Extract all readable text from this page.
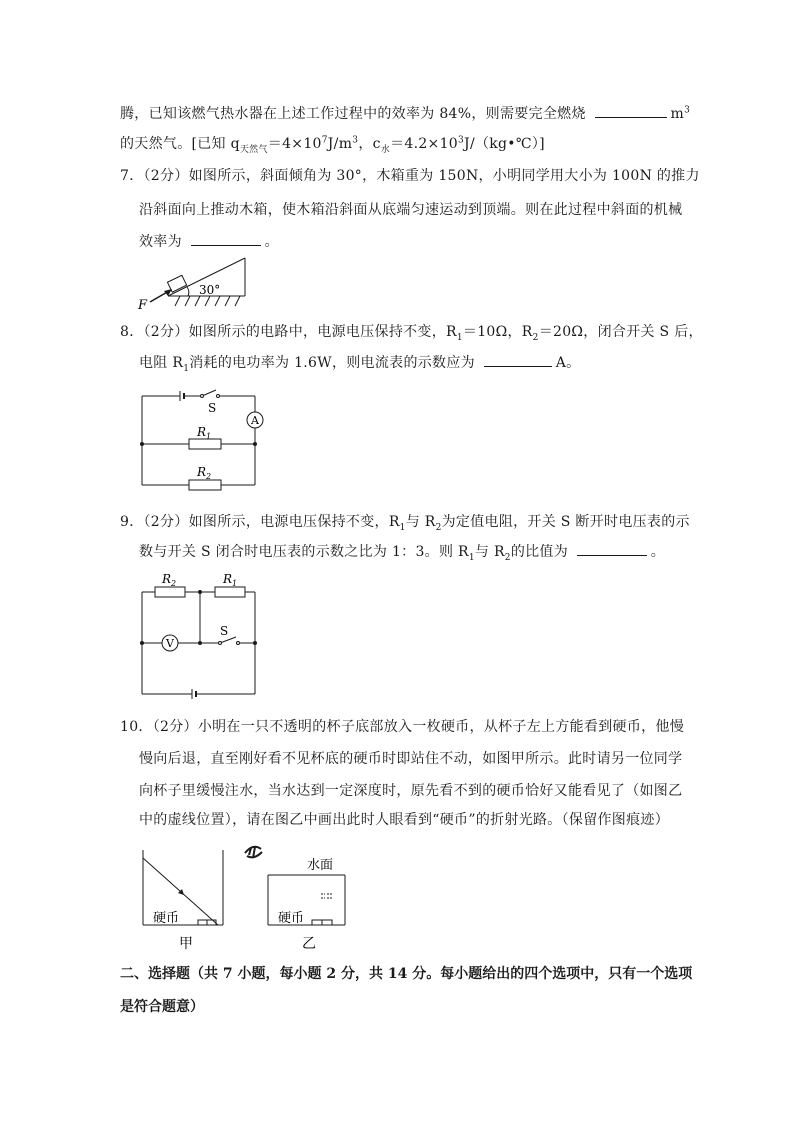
腾，已知该燃气热水器在上述工作过程中的效率为 84%，则需要完全燃烧	$m^3$
的天然气。[已知 $q_{天然气}=4\times 10^7J/m^3$，$c_水=4.2\times 10^3J/(kg•℃)$]
7．（2分）如图所示，斜面倾角为 30°，木箱重为 150N，小明同学用大小为 100N 的推力
沿斜面向上推动木箱，使木箱沿斜面从底端匀速运动到顶端。则在此过程中斜面的机械
效率为	。
F
30°
8．（2分）如图所示的电路中，电源电压保持不变，$R_1=10\Omega$，$R_2=20\Omega$，闭合开关 S 后，
电阻 $R_1$消耗的电功率为 1.6W，则电流表的示数应为	A。
S
A
$R_1$
$R_2$
9．（2分）如图所示，电源电压保持不变，$R_1$与 $R_2$为定值电阻，开关 S 断开时电压表的示
数与开关 S 闭合时电压表的示数之比为 1：3。则 $R_1$与 $R_2$的比值为	。
$R_2$	$R_1$
V
S
10．（2分）小明在一只不透明的杯子底部放入一枚硬币，从杯子左上方能看到硬币，他慢
慢向后退，直至刚好看不见杯底的硬币时即站住不动，如图甲所示。此时请另一位同学
向杯子里缓慢注水，当水达到一定深度时，原先看不到的硬币恰好又能看见了（如图乙
中的虚线位置），请在图乙中画出此时人眼看到“硬币”的折射光路。（保留作图痕迹）
硬币
甲
水面
硬币
乙
二、选择题（共 7 小题，每小题 2 分，共 14 分。每小题给出的四个选项中，只有一个选项
是符合题意）
